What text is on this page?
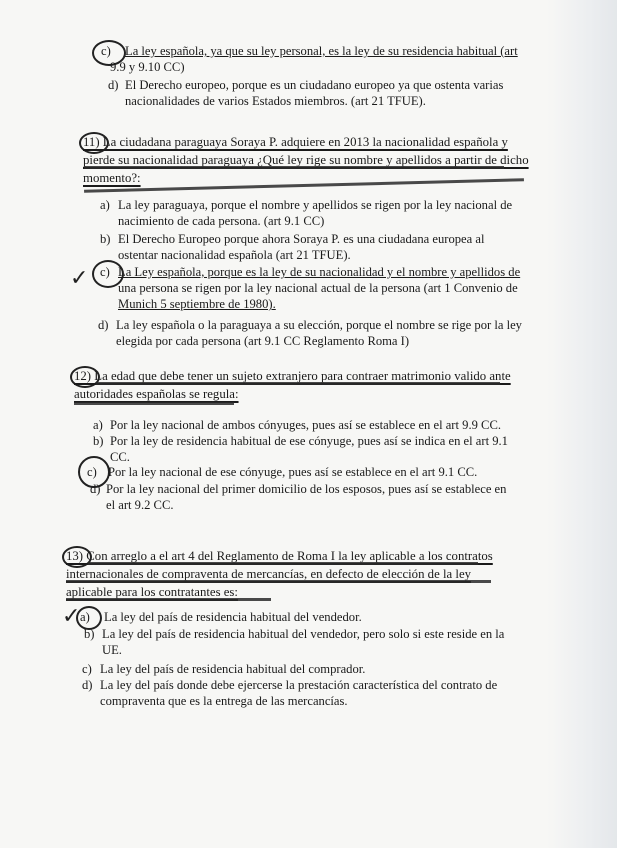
c) La ley española, ya que su ley personal, es la ley de su residencia habitual (art
9.9 y 9.10 CC)
d) El Derecho europeo, porque es un ciudadano europeo ya que ostenta varias
nacionalidades de varios Estados miembros. (art 21 TFUE).
11) La ciudadana paraguaya Soraya P. adquiere en 2013 la nacionalidad española y
pierde su nacionalidad paraguaya ¿Qué ley rige su nombre y apellidos a partir de dicho
momento?:
a) La ley paraguaya, porque el nombre y apellidos se rigen por la ley nacional de
nacimiento de cada persona. (art 9.1 CC)
b) El Derecho Europeo porque ahora Soraya P. es una ciudadana europea al
ostentar nacionalidad española (art 21 TFUE).
✓ c) La Ley española, porque es la ley de su nacionalidad y el nombre y apellidos de
una persona se rigen por la ley nacional actual de la persona (art 1 Convenio de
Munich 5 septiembre de 1980).
d) La ley española o la paraguaya a su elección, porque el nombre se rige por la ley
elegida por cada persona (art 9.1 CC Reglamento Roma I)
12) La edad que debe tener un sujeto extranjero para contraer matrimonio valido ante
autoridades españolas se regula:
a) Por la ley nacional de ambos cónyuges, pues así se establece en el art 9.9 CC.
b) Por la ley de residencia habitual de ese cónyuge, pues así se indica en el art 9.1
CC.
c) Por la ley nacional de ese cónyuge, pues así se establece en el art 9.1 CC.
d) Por la ley nacional del primer domicilio de los esposos, pues así se establece en
el art 9.2 CC.
13) Con arreglo a el art 4 del Reglamento de Roma I la ley aplicable a los contratos
internacionales de compraventa de mercancías, en defecto de elección de la ley
aplicable para los contratantes es:
✓ a) La ley del país de residencia habitual del vendedor.
b) La ley del país de residencia habitual del vendedor, pero solo si este reside en la
UE.
c) La ley del país de residencia habitual del comprador.
d) La ley del país donde debe ejercerse la prestación característica del contrato de
compraventa que es la entrega de las mercancías.
